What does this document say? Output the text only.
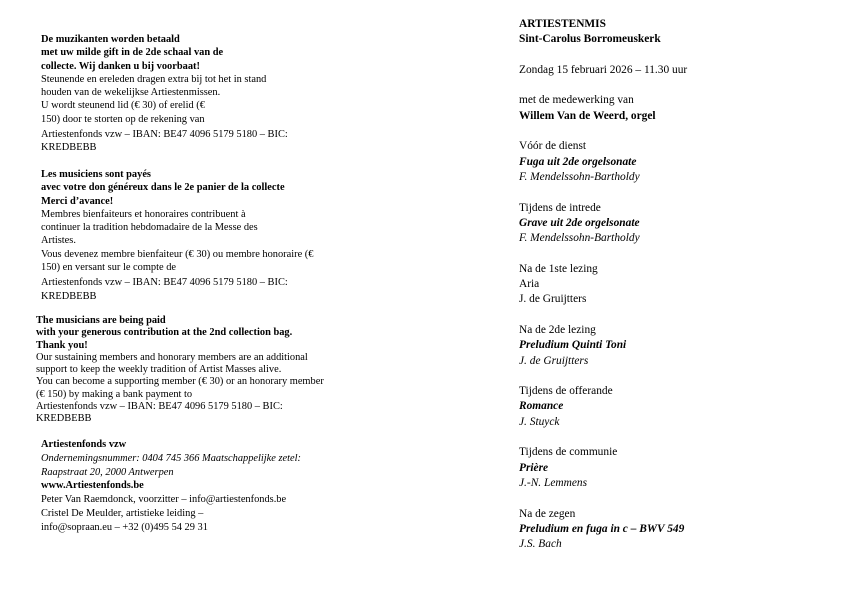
De muzikanten worden betaald
met uw milde gift in de 2de schaal van de
collecte. Wij danken u bij voorbaat!
Steunende en ereleden dragen extra bij tot het in stand
houden van de wekelijkse Artiestenmissen.
U wordt steunend lid (€ 30) of erelid (€
150) door te storten op de rekening van
Artiestenfonds vzw – IBAN: BE47 4096 5179 5180 – BIC:
KREDBEBB
Les musiciens sont payés
avec votre don généreux dans le 2e panier de la collecte
Merci d’avance!
Membres bienfaiteurs et honoraires contribuent à
continuer la tradition hebdomadaire de la Messe des
Artistes.
Vous devenez membre bienfaiteur (€ 30) ou membre honoraire (€
150) en versant sur le compte de
Artiestenfonds vzw – IBAN: BE47 4096 5179 5180 – BIC:
KREDBEBB
The musicians are being paid
with your generous contribution at the 2nd collection bag.
Thank you!
Our sustaining members and honorary members are an additional
support to keep the weekly tradition of Artist Masses alive.
You can become a supporting member (€ 30) or an honorary member
(€ 150) by making a bank payment to
Artiestenfonds vzw – IBAN: BE47 4096 5179 5180 – BIC:
KREDBEBB
Artiestenfonds vzw
Ondernemingsnummer: 0404 745 366 Maatschappelijke zetel:
Raapstraat 20, 2000 Antwerpen
www.Artiestenfonds.be
Peter Van Raemdonck, voorzitter – info@artiestenfonds.be
Cristel De Meulder, artistieke leiding –
info@sopraan.eu – +32 (0)495 54 29 31
ARTIESTENMIS
Sint-Carolus Borromeuskerk
Zondag 15 februari 2026 – 11.30 uur
met de medewerking van
Willem Van de Weerd, orgel
Vóór de dienst
Fuga uit 2de orgelsonate
F. Mendelssohn-Bartholdy
Tijdens de intrede
Grave uit 2de orgelsonate
F. Mendelssohn-Bartholdy
Na de 1ste lezing
Aria
J. de Gruijtters
Na de 2de lezing
Preludium Quinti Toni
J. de Gruijtters
Tijdens de offerande
Romance
J. Stuyck
Tijdens de communie
Prière
J.-N. Lemmens
Na de zegen
Preludium en fuga in c – BWV 549
J.S. Bach
